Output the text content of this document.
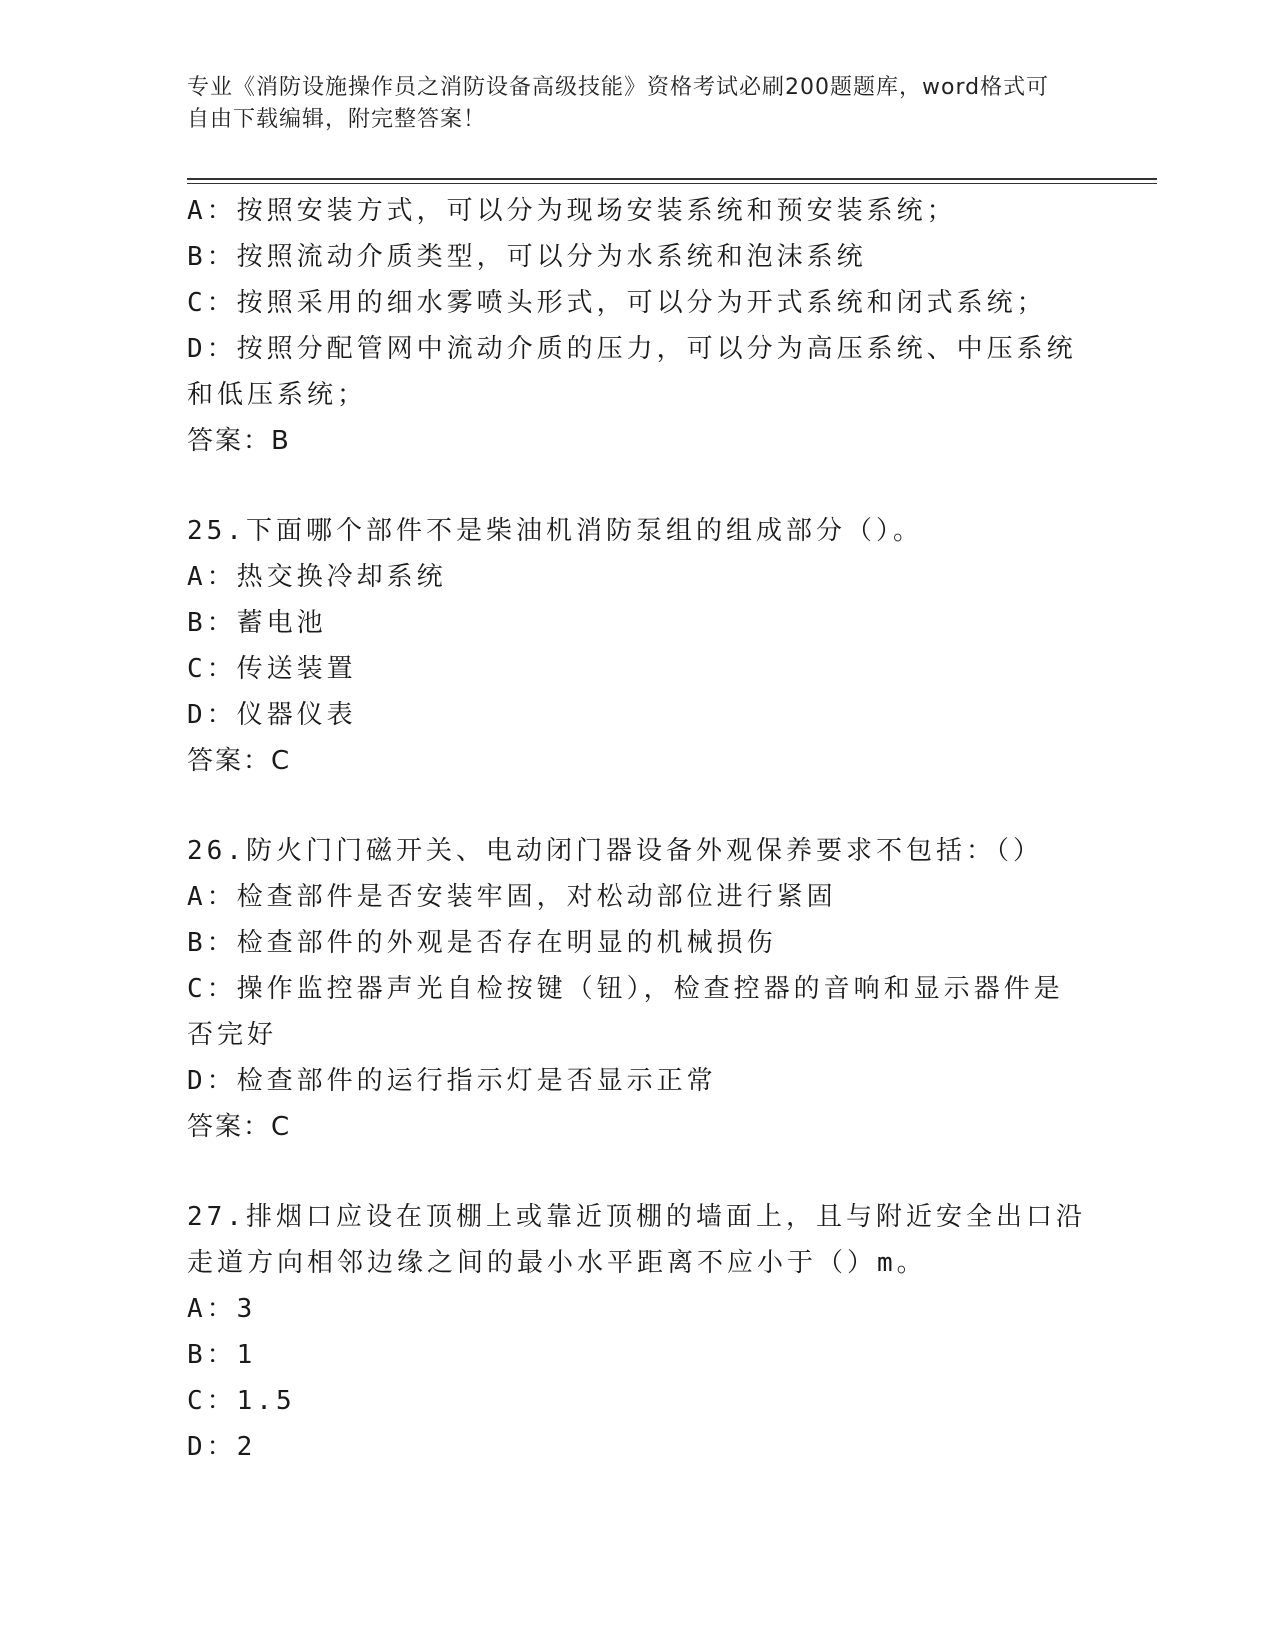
专业《消防设施操作员之消防设备高级技能》资格考试必刷200题题库，word格式可自由下载编辑，附完整答案！

A：按照安装方式，可以分为现场安装系统和预安装系统；

B：按照流动介质类型，可以分为水系统和泡沫系统

C：按照采用的细水雾喷头形式，可以分为开式系统和闭式系统；

D：按照分配管网中流动介质的压力，可以分为高压系统、中压系统和低压系统；

答案：B

25.下面哪个部件不是柴油机消防泵组的组成部分（）。

A：热交换冷却系统

B：蓄电池

C：传送装置

D：仪器仪表

答案：C

26.防火门门磁开关、电动闭门器设备外观保养要求不包括：（）

A：检查部件是否安装牢固，对松动部位进行紧固

B：检查部件的外观是否存在明显的机械损伤

C：操作监控器声光自检按键（钮），检查控器的音响和显示器件是否完好

D：检查部件的运行指示灯是否显示正常

答案：C

27.排烟口应设在顶棚上或靠近顶棚的墙面上，且与附近安全出口沿走道方向相邻边缘之间的最小水平距离不应小于（）m。

A：3

B：1

C：1.5

D：2
